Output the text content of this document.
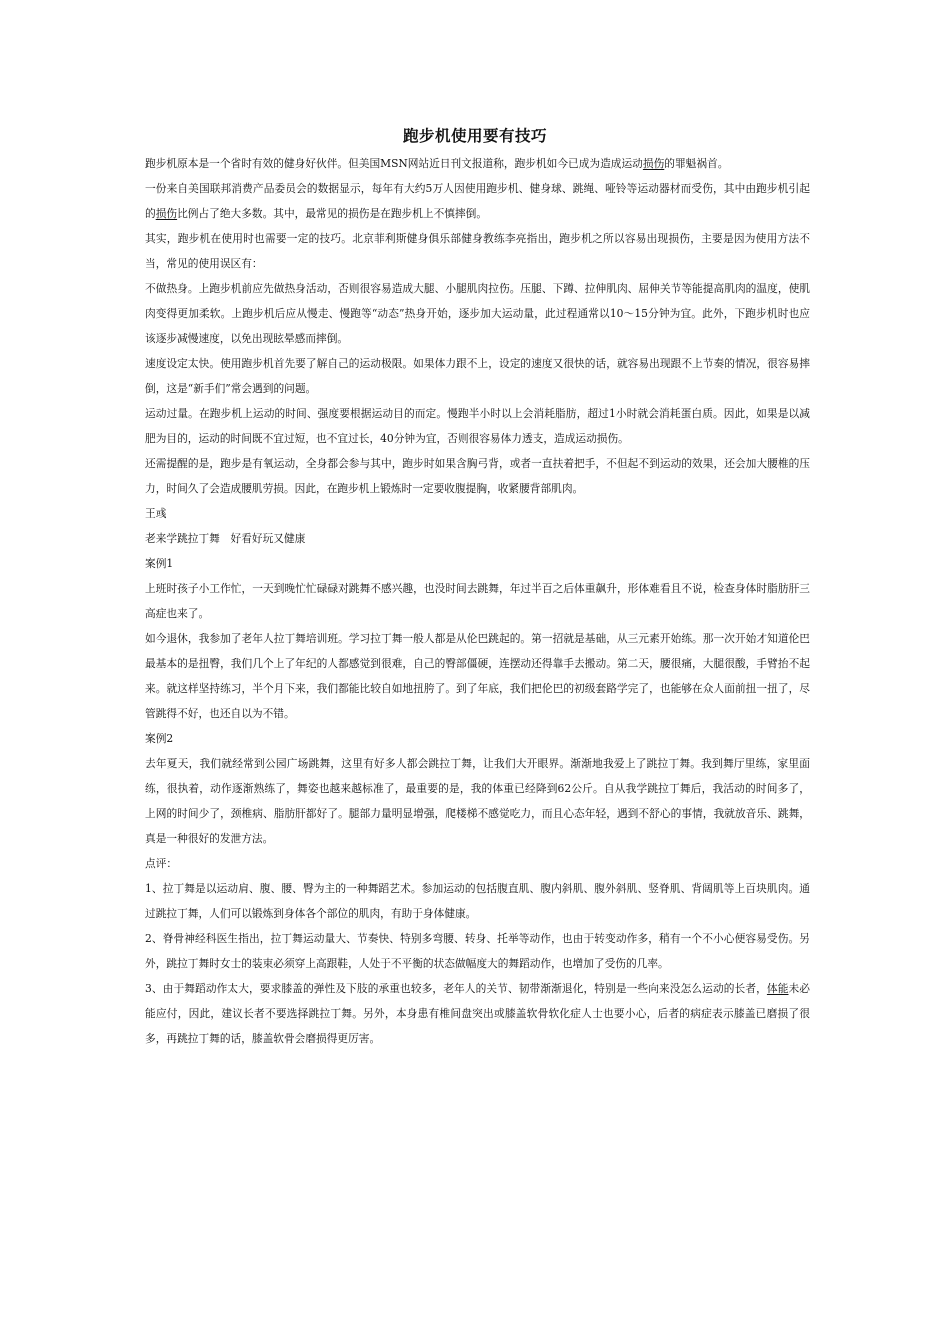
跑步机使用要有技巧

跑步机原本是一个省时有效的健身好伙伴。但美国MSN网站近日刊文报道称，跑步机如今已成为造成运动损伤的罪魁祸首。

一份来自美国联邦消费产品委员会的数据显示，每年有大约5万人因使用跑步机、健身球、跳绳、哑铃等运动器材而受伤，其中由跑步机引起的损伤比例占了绝大多数。其中，最常见的损伤是在跑步机上不慎摔倒。

其实，跑步机在使用时也需要一定的技巧。北京菲利斯健身俱乐部健身教练李亮指出，跑步机之所以容易出现损伤，主要是因为使用方法不当，常见的使用误区有：

不做热身。上跑步机前应先做热身活动，否则很容易造成大腿、小腿肌肉拉伤。压腿、下蹲、拉伸肌肉、屈伸关节等能提高肌肉的温度，使肌肉变得更加柔软。上跑步机后应从慢走、慢跑等“动态”热身开始，逐步加大运动量，此过程通常以10～15分钟为宜。此外，下跑步机时也应该逐步减慢速度，以免出现眩晕感而摔倒。

速度设定太快。使用跑步机首先要了解自己的运动极限。如果体力跟不上，设定的速度又很快的话，就容易出现跟不上节奏的情况，很容易摔倒，这是“新手们”常会遇到的问题。

运动过量。在跑步机上运动的时间、强度要根据运动目的而定。慢跑半小时以上会消耗脂肪，超过1小时就会消耗蛋白质。因此，如果是以减肥为目的，运动的时间既不宜过短，也不宜过长，40分钟为宜，否则很容易体力透支，造成运动损伤。

还需提醒的是，跑步是有氧运动，全身都会参与其中，跑步时如果含胸弓背，或者一直扶着把手，不但起不到运动的效果，还会加大腰椎的压力，时间久了会造成腰肌劳损。因此，在跑步机上锻炼时一定要收腹提胸，收紧腰背部肌肉。

王彧

老来学跳拉丁舞　好看好玩又健康

案例1

上班时孩子小工作忙，一天到晚忙忙碌碌对跳舞不感兴趣，也没时间去跳舞，年过半百之后体重飙升，形体难看且不说，检查身体时脂肪肝三高症也来了。

如今退休，我参加了老年人拉丁舞培训班。学习拉丁舞一般人都是从伦巴跳起的。第一招就是基础，从三元素开始练。那一次开始才知道伦巴最基本的是扭臀，我们几个上了年纪的人都感觉到很难，自己的臀部僵硬，连摆动还得靠手去搬动。第二天，腰很痛，大腿很酸，手臂抬不起来。就这样坚持练习，半个月下来，我们都能比较自如地扭胯了。到了年底，我们把伦巴的初级套路学完了，也能够在众人面前扭一扭了，尽管跳得不好，也还自以为不错。

案例2

去年夏天，我们就经常到公园广场跳舞，这里有好多人都会跳拉丁舞，让我们大开眼界。渐渐地我爱上了跳拉丁舞。我到舞厅里练，家里面练，很执着，动作逐渐熟练了，舞姿也越来越标准了，最重要的是，我的体重已经降到62公斤。自从我学跳拉丁舞后，我活动的时间多了，上网的时间少了，颈椎病、脂肪肝都好了。腿部力量明显增强，爬楼梯不感觉吃力，而且心态年轻，遇到不舒心的事情，我就放音乐、跳舞，真是一种很好的发泄方法。

点评：

1、拉丁舞是以运动肩、腹、腰、臀为主的一种舞蹈艺术。参加运动的包括腹直肌、腹内斜肌、腹外斜肌、竖脊肌、背阔肌等上百块肌肉。通过跳拉丁舞，人们可以锻炼到身体各个部位的肌肉，有助于身体健康。

2、脊骨神经科医生指出，拉丁舞运动量大、节奏快、特别多弯腰、转身、托举等动作，也由于转变动作多，稍有一个不小心便容易受伤。另外，跳拉丁舞时女士的装束必须穿上高跟鞋，人处于不平衡的状态做幅度大的舞蹈动作，也增加了受伤的几率。

3、由于舞蹈动作太大，要求膝盖的弹性及下肢的承重也较多，老年人的关节、韧带渐渐退化，特别是一些向来没怎么运动的长者，体能未必能应付，因此，建议长者不要选择跳拉丁舞。另外，本身患有椎间盘突出或膝盖软骨软化症人士也要小心，后者的病症表示膝盖已磨损了很多，再跳拉丁舞的话，膝盖软骨会磨损得更厉害。
